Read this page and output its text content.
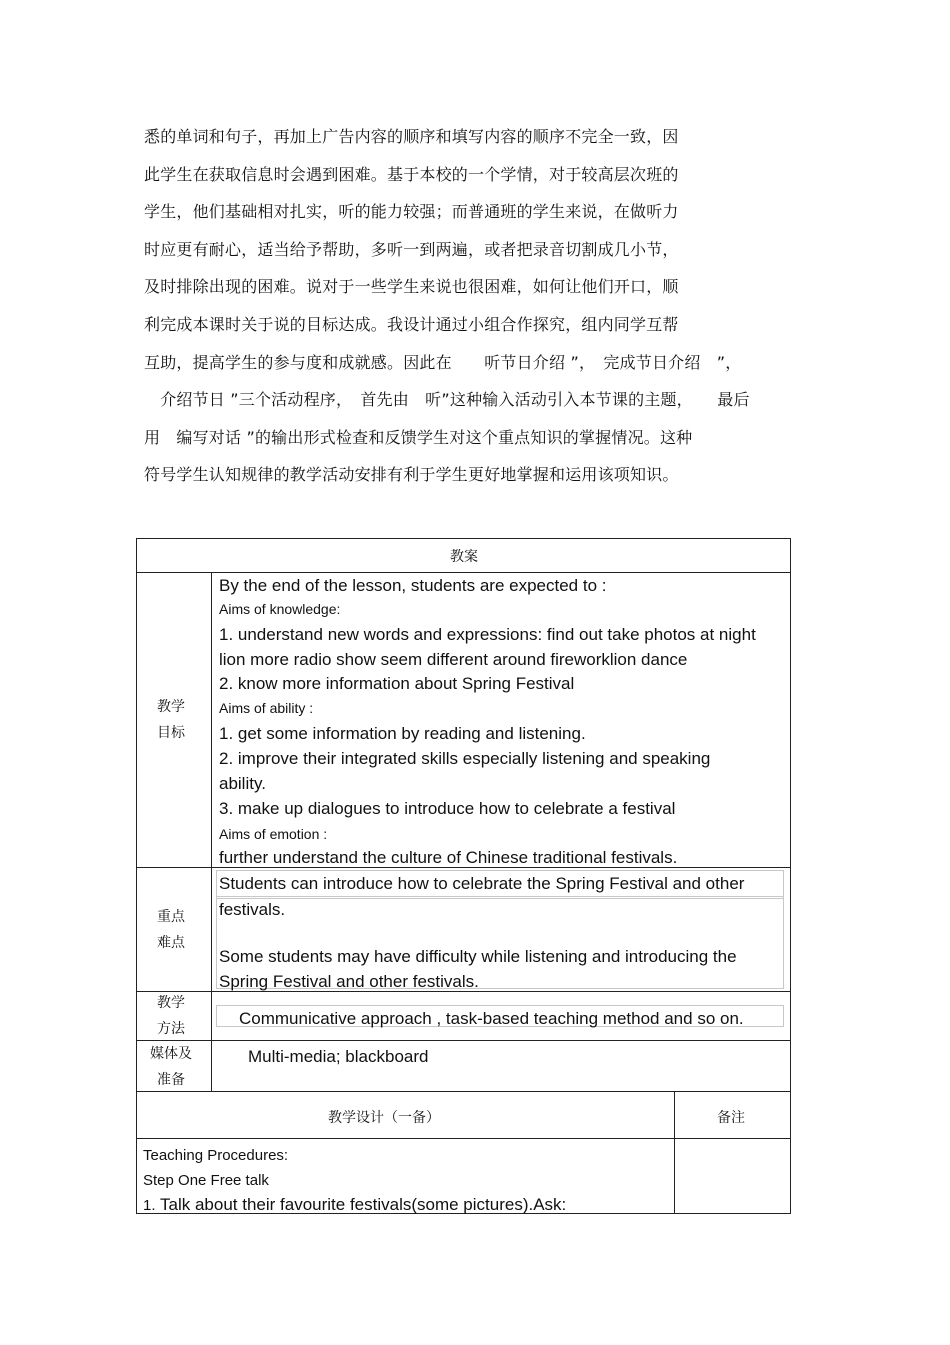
悉的单词和句子，再加上广告内容的顺序和填写内容的顺序不完全一致，因
此学生在获取信息时会遇到困难。基于本校的一个学情，对于较高层次班的
学生，他们基础相对扎实，听的能力较强；而普通班的学生来说，在做听力
时应更有耐心，适当给予帮助，多听一到两遍，或者把录音切割成几小节，
及时排除出现的困难。说对于一些学生来说也很困难，如何让他们开口，顺
利完成本课时关于说的目标达成。我设计通过小组合作探究，组内同学互帮
互助，提高学生的参与度和成就感。因此在　　听节日介绍 ”，　完成节日介绍　”，
　介绍节日 ”三个活动程序，　首先由　听”这种输入活动引入本节课的主题，　　最后
用　编写对话 ”的输出形式检查和反馈学生对这个重点知识的掌握情况。这种
符号学生认知规律的教学活动安排有利于学生更好地掌握和运用该项知识。
教案
教学
目标
By the end of the lesson, students are expected to :
Aims of knowledge:
1. understand new words and expressions: find out take photos at night
lion more radio show seem different around fireworklion dance
2. know more information about Spring Festival
Aims of ability :
1. get some information by reading and listening.
2. improve their integrated skills especially listening and speaking
ability.
3. make up dialogues to introduce how to celebrate a festival
Aims of emotion :
further understand the culture of Chinese traditional festivals.
重点
难点
Students can introduce how to celebrate the Spring Festival and other
festivals.
Some students may have difficulty while listening and introducing the
Spring Festival and other festivals.
教学
方法
Communicative approach , task-based teaching method and so on.
媒体及
准备
Multi-media; blackboard
教学设计（一备）	备注
Teaching Procedures:
Step One Free talk
1. Talk about their favourite festivals(some pictures).Ask:
